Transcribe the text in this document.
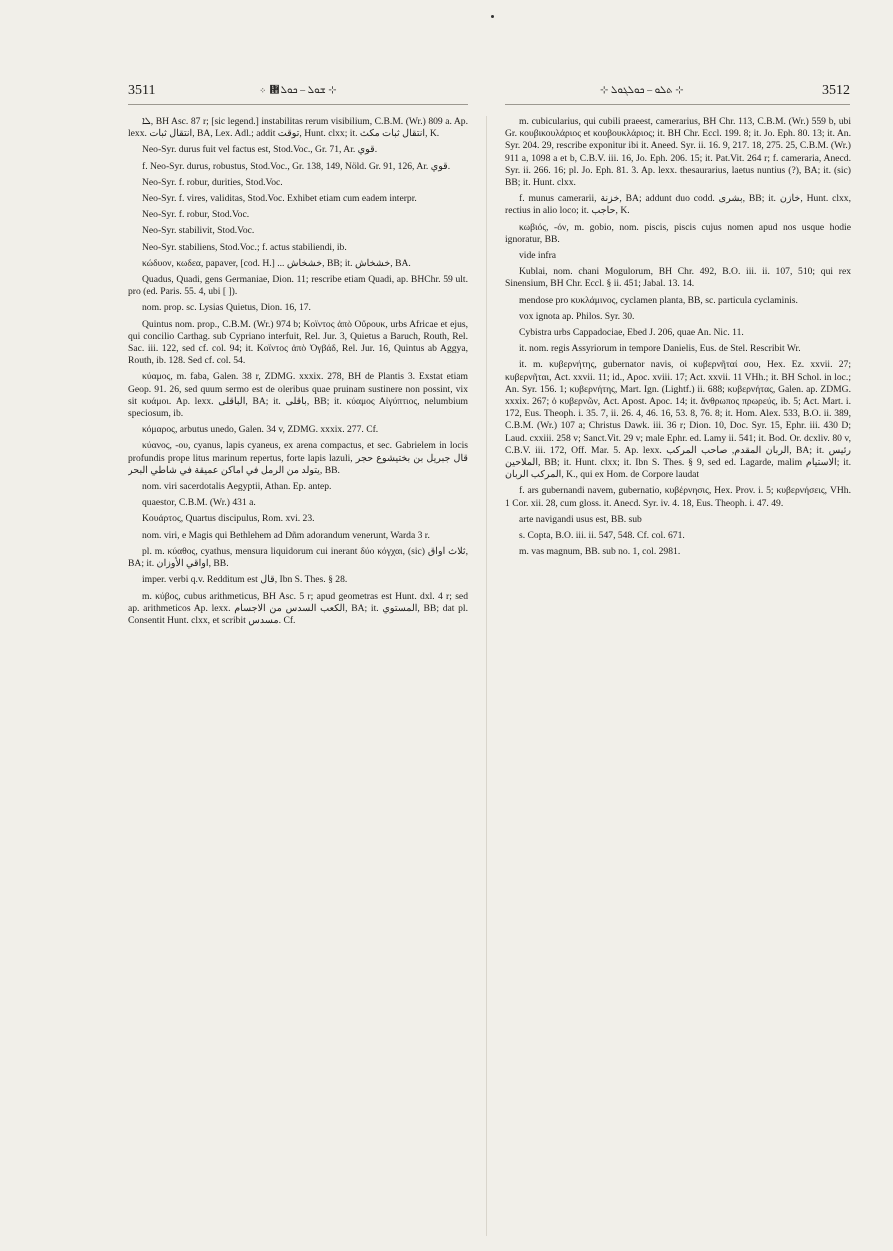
3511	⊹ ᜘ܫܘܠ – ܟܘܠ ⊹	⊹ ܬܠܘ – ܟܘܠܓܘܠ ⊹	3512

ܠܐ, BH Asc. 87 r; [sic legend.] instabilitas rerum visibilium, C.B.M. (Wr.) 809 a. Ap. lexx. انتقال ثبات, BA, Lex. Adl.; addit توقت, Hunt. clxx; it. انتقال ثبات مكث, K.

Neo-Syr. durus fuit vel factus est, Stod.Voc., Gr. 71, Ar. قوي.

f. Neo-Syr. durus, robustus, Stod.Voc., Gr. 138, 149, Nöld. Gr. 91, 126, Ar. قوي.

Neo-Syr. f. robur, durities, Stod.Voc.

Neo-Syr. f. vires, validitas, Stod.Voc. Exhibet etiam cum eadem interpr.

Neo-Syr. f. robur, Stod.Voc.

Neo-Syr. stabilivit, Stod.Voc.

Neo-Syr. stabiliens, Stod.Voc.; f. actus stabiliendi, ib.

κώδυον, κωδεα, papaver, [cod. H.] ... خشخاش, BB; it. خشخاش, BA.

Quadus, Quadi, gens Germaniae, Dion. 11; rescribe etiam Quadi, ap. BHChr. 59 ult. pro (ed. Paris. 55. 4, ubi [ ]).

nom. prop. sc. Lysias Quietus, Dion. 16, 17.

Quintus nom. prop., C.B.M. (Wr.) 974 b; Κοϊντος ἀπὸ Οὔρουκ, urbs Africae et ejus, qui concilio Carthag. sub Cypriano interfuit, Rel. Jur. 3, Quietus a Baruch, Routh, Rel. Sac. iii. 122, sed cf. col. 94; it. Κοϊντος ἀπὸ Ὀγβάδ, Rel. Jur. 16, Quintus ab Aggya, Routh, ib. 128. Sed cf. col. 54.

κύαμος, m. faba, Galen. 38 r, ZDMG. xxxix. 278, BH de Plantis 3. Exstat etiam Geop. 91. 26, sed quum sermo est de oleribus quae pruinam sustinere non possint, vix sit κυάμοι. Ap. lexx. الباقلى, BA; it. باقلى, BB; it. κύαμος Αἰγύπτιος, nelumbium speciosum, ib.

κόμαρος, arbutus unedo, Galen. 34 v, ZDMG. xxxix. 277. Cf.

κύανος, -ου, cyanus, lapis cyaneus, ex arena compactus, et sec. Gabrielem in locis profundis prope litus marinum repertus, forte lapis lazuli, قال جبريل بن بختيشوع حجر يتولد من الرمل في اماكن عميقة في شاطي البحر, BB.

nom. viri sacerdotalis Aegyptii, Athan. Ep. antep.

quaestor, C.B.M. (Wr.) 431 a.

Κουάρτος, Quartus discipulus, Rom. xvi. 23.

nom. viri, e Magis qui Bethlehem ad Dñm adorandum venerunt, Warda 3 r.

pl. m. κύαθος, cyathus, mensura liquidorum cui inerant δύο κόγχαι, (sic) ثلاث اواق, BA; it. اواقي الأوزان, BB.

imper. verbi q.v. Redditum est قال, Ibn S. Thes. § 28.

m. κύβος, cubus arithmeticus, BH Asc. 5 r; apud geometras est Hunt. dxl. 4 r; sed ap. arithmeticos Ap. lexx. الكعب السدس من الاجسام, BA; it. المستوي, BB; dat pl. Consentit Hunt. clxx, et scribit مسدس. Cf.

m. cubicularius, qui cubili praeest, camerarius, BH Chr. 113, C.B.M. (Wr.) 559 b, ubi Gr. κουβικουλάριος et κουβουκλάριος; it. BH Chr. Eccl. 199. 8; it. Jo. Eph. 80. 13; it. An. Syr. 204. 29, rescribe exponitur ibi it. Aneed. Syr. ii. 16. 9, 217. 18, 275. 25, C.B.M. (Wr.) 911 a, 1098 a et b, C.B.V. iii. 16, Jo. Eph. 206. 15; it. Pat.Vit. 264 r; f. cameraria, Anecd. Syr. ii. 266. 16; pl. Jo. Eph. 81. 3. Ap. lexx. thesaurarius, laetus nuntius (?), BA; it. (sic) BB; it. Hunt. clxx.

f. munus camerarii, خزنة, BA; addunt duo codd. بشرى, BB; it. خازن, Hunt. clxx, rectius in alio loco; it. حاجب, K.

κωβιός, -όν, m. gobio, nom. piscis, piscis cujus nomen apud nos usque hodie ignoratur, BB.

vide infra

Kublai, nom. chani Mogulorum, BH Chr. 492, B.O. iii. ii. 107, 510; qui rex Sinensium, BH Chr. Eccl. § ii. 451; Jabal. 13. 14.

mendose pro κυκλάμινος, cyclamen planta, BB, sc. particula cyclaminis.

vox ignota ap. Philos. Syr. 30.

Cybistra urbs Cappadociae, Ebed J. 206, quae An. Nic. 11.

it. nom. regis Assyriorum in tempore Danielis, Eus. de Stel. Rescribit Wr.

it. m. κυβερνήτης, gubernator navis, οἱ κυβερνῆταί σου, Hex. Ez. xxvii. 27; κυβερνῆται, Act. xxvii. 11; id., Apoc. xviii. 17; Act. xxvii. 11 VHh.; it. BH Schol. in loc.; An. Syr. 156. 1; κυβερνήτης, Mart. Ign. (Lightf.) ii. 688; κυβερνήτας, Galen. ap. ZDMG. xxxix. 267; ὁ κυβερνῶν, Act. Apost. Apoc. 14; it. ἄνθρωπος πρωρεύς, ib. 5; Act. Mart. i. 172, Eus. Theoph. i. 35. 7, ii. 26. 4, 46. 16, 53. 8, 76. 8; it. Hom. Alex. 533, B.O. ii. 389, C.B.M. (Wr.) 107 a; Christus Dawk. iii. 36 r; Dion. 10, Doc. Syr. 15, Ephr. iii. 430 D; Laud. cxxiii. 258 v; Sanct.Vit. 29 v; male Ephr. ed. Lamy ii. 541; it. Bod. Or. dcxliv. 80 v, C.B.V. iii. 172, Off. Mar. 5. Ap. lexx. الربان المقدم, صاحب المركب, BA; it. رئيس الملاحين, BB; it. Hunt. clxx; it. Ibn S. Thes. § 9, sed ed. Lagarde, malim الاستيام; it. المركب الربان, K., qui ex Hom. de Corpore laudat

f. ars gubernandi navem, gubernatio, κυβέρνησις, Hex. Prov. i. 5; κυβερνήσεις, VHh. 1 Cor. xii. 28, cum gloss. it. Anecd. Syr. iv. 4. 18, Eus. Theoph. i. 47. 49.

arte navigandi usus est, BB. sub

s. Copta, B.O. iii. ii. 547, 548. Cf. col. 671.

m. vas magnum, BB. sub no. 1, col. 2981.
